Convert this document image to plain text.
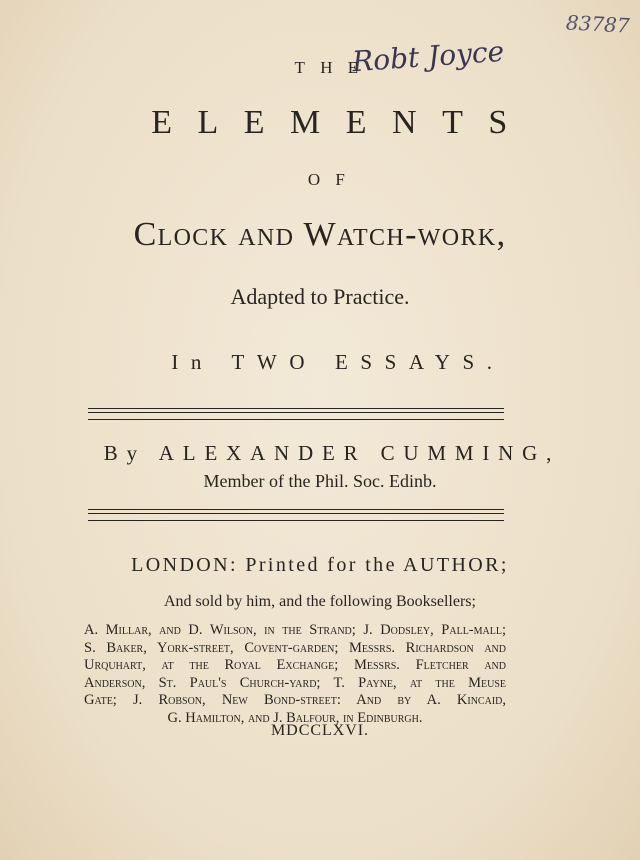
Robt Joyce
83787
THE
ELEMENTS
OF
Clock and Watch-work,
Adapted to Practice.
In TWO ESSAYS.
By ALEXANDER CUMMING,
Member of the Phil. Soc. Edinb.
LONDON: Printed for the AUTHOR;
And sold by him, and the following Booksellers;

A. Millar, and D. Wilson, in the Strand; J. Dodsley, Pall-mall;

S. Baker, York-street, Covent-garden; Messrs. Richardson and

Urquhart, at the Royal Exchange; Messrs. Fletcher and

Anderson, St. Paul's Church-yard; T. Payne, at the Meuse

Gate; J. Robson, New Bond-street: And by A. Kincaid,

G. Hamilton, and J. Balfour, in Edinburgh.

MDCCLXVI.
